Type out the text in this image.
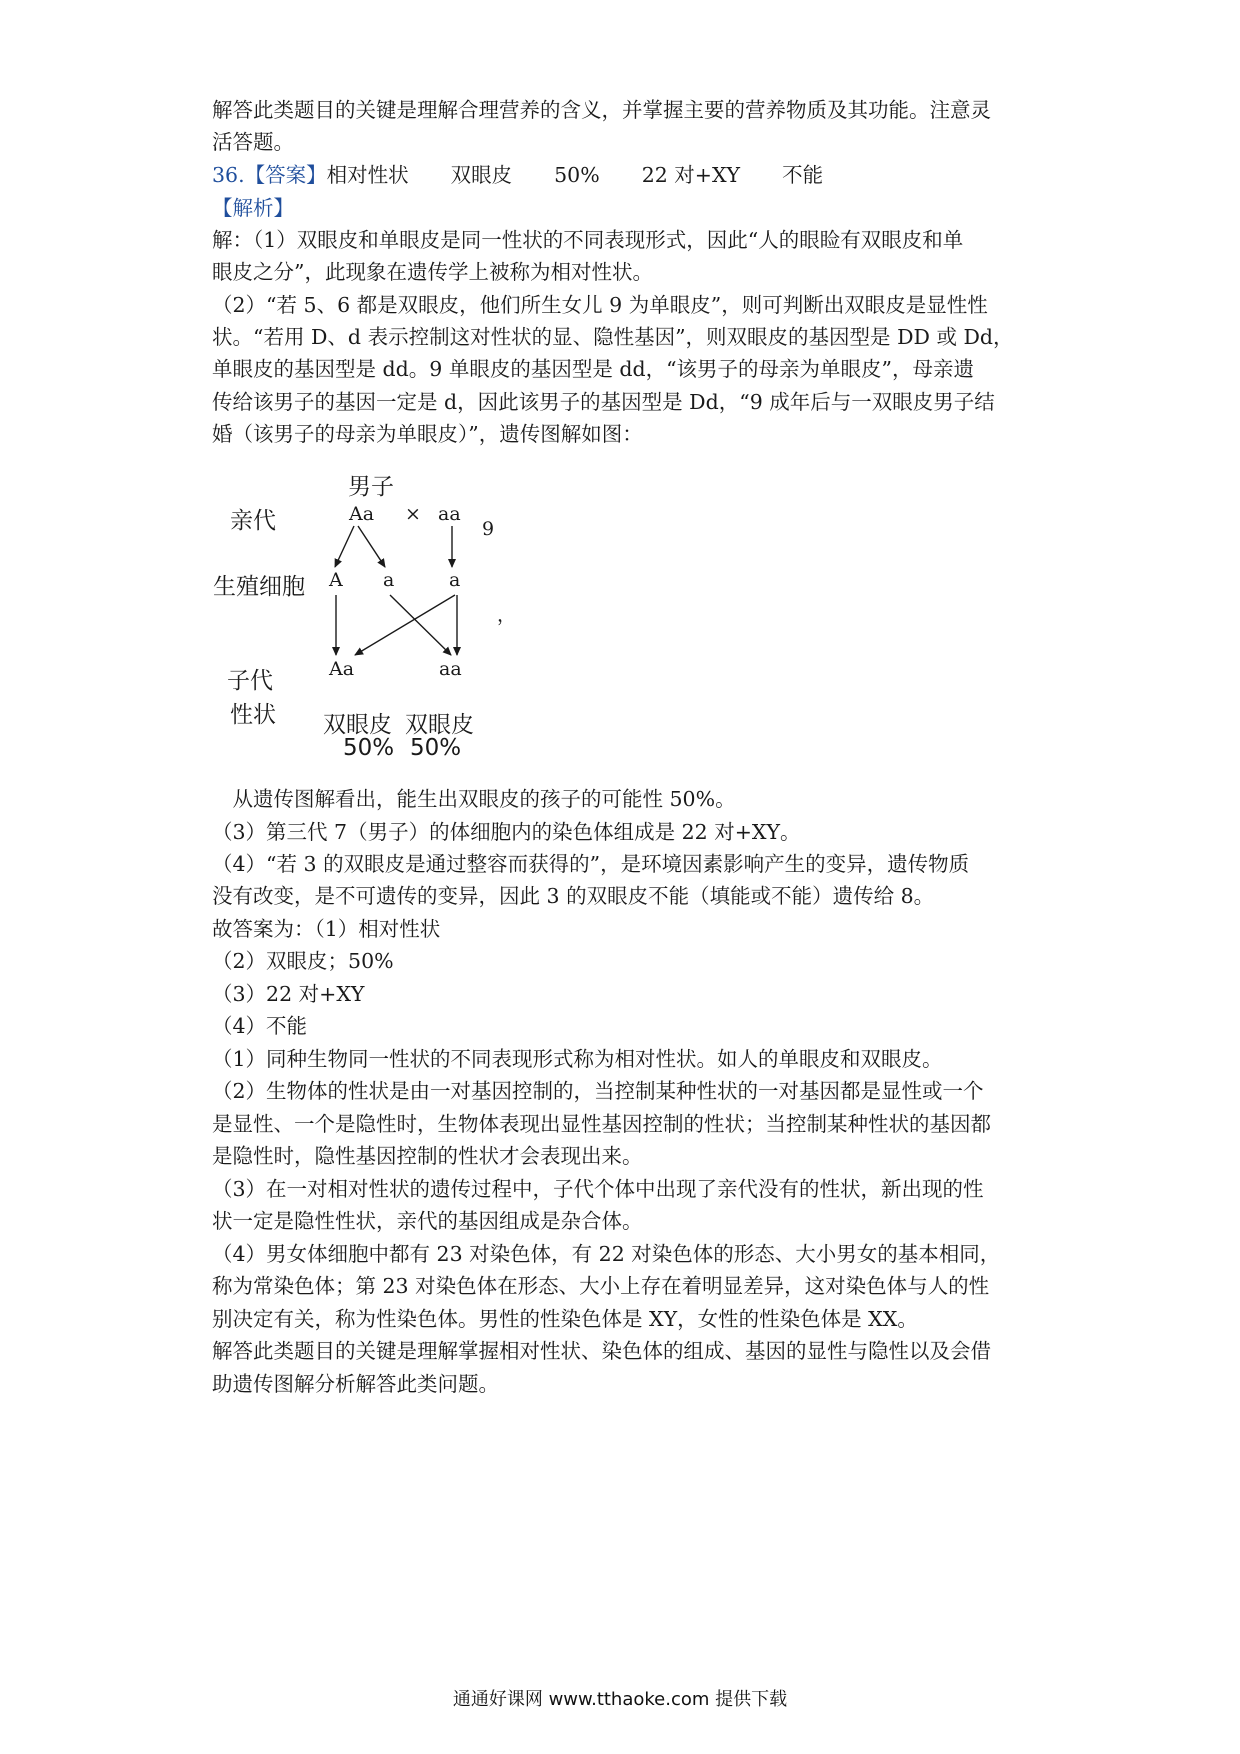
解答此类题目的关键是理解合理营养的含义，并掌握主要的营养物质及其功能。注意灵
活答题。
36.【答案】相对性状 双眼皮 50% 22 对+XY 不能
【解析】
解：（1）双眼皮和单眼皮是同一性状的不同表现形式，因此“人的眼睑有双眼皮和单
眼皮之分”，此现象在遗传学上被称为相对性状。
（2）“若 5、6 都是双眼皮，他们所生女儿 9 为单眼皮”，则可判断出双眼皮是显性性
状。“若用 D、d 表示控制这对性状的显、隐性基因”，则双眼皮的基因型是 DD 或 Dd，
单眼皮的基因型是 dd。9 单眼皮的基因型是 dd，“该男子的母亲为单眼皮”，母亲遗
传给该男子的基因一定是 d，因此该男子的基因型是 Dd，“9 成年后与一双眼皮男子结
婚（该男子的母亲为单眼皮）”，遗传图解如图：
男子
亲代	Aa × aa
9
生殖细胞 A a	a
，
子代	Aa	aa
性状 双眼皮 双眼皮
50% 50%
　从遗传图解看出，能生出双眼皮的孩子的可能性 50%。
（3）第三代 7（男子）的体细胞内的染色体组成是 22 对+XY。
（4）“若 3 的双眼皮是通过整容而获得的”，是环境因素影响产生的变异，遗传物质
没有改变，是不可遗传的变异，因此 3 的双眼皮不能（填能或不能）遗传给 8。
故答案为：（1）相对性状
（2）双眼皮；50%
（3）22 对+XY
（4）不能
（1）同种生物同一性状的不同表现形式称为相对性状。如人的单眼皮和双眼皮。
（2）生物体的性状是由一对基因控制的，当控制某种性状的一对基因都是显性或一个
是显性、一个是隐性时，生物体表现出显性基因控制的性状；当控制某种性状的基因都
是隐性时，隐性基因控制的性状才会表现出来。
（3）在一对相对性状的遗传过程中，子代个体中出现了亲代没有的性状，新出现的性
状一定是隐性性状，亲代的基因组成是杂合体。
（4）男女体细胞中都有 23 对染色体，有 22 对染色体的形态、大小男女的基本相同，
称为常染色体；第 23 对染色体在形态、大小上存在着明显差异，这对染色体与人的性
别决定有关，称为性染色体。男性的性染色体是 XY，女性的性染色体是 XX。
解答此类题目的关键是理解掌握相对性状、染色体的组成、基因的显性与隐性以及会借
助遗传图解分析解答此类问题。
通通好课网 www.tthaoke.com 提供下载
